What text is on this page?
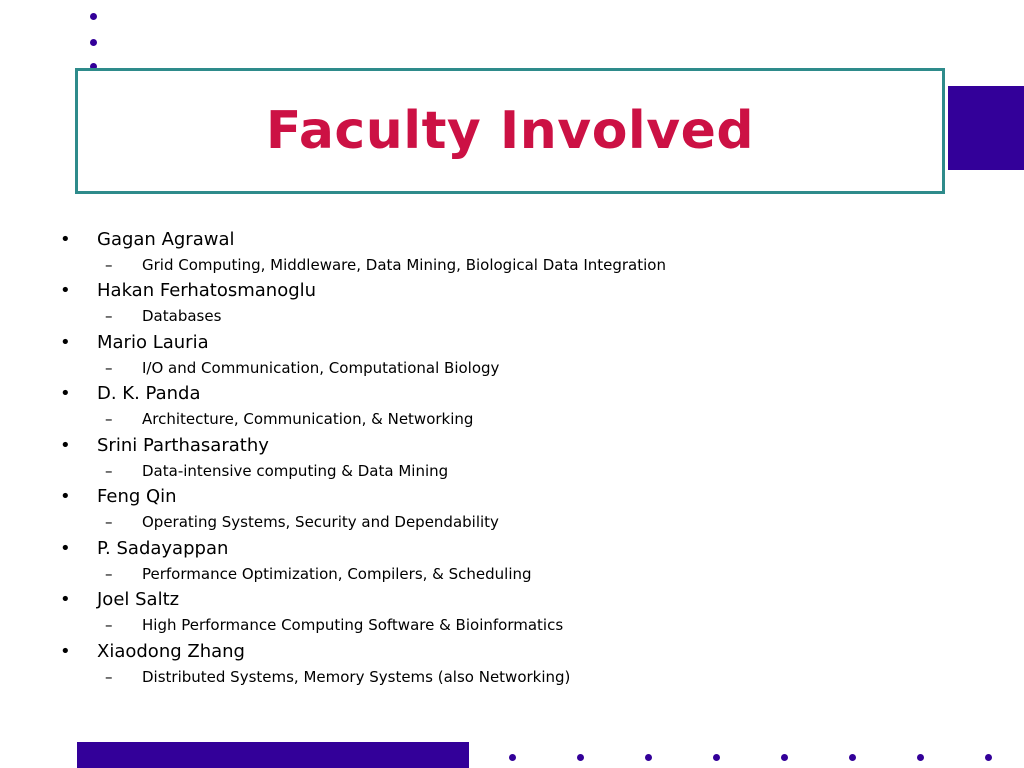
Faculty Involved
• Gagan Agrawal
– Grid Computing, Middleware, Data Mining, Biological Data Integration
• Hakan Ferhatosmanoglu
– Databases
• Mario Lauria
– I/O and Communication, Computational Biology
• D. K. Panda
– Architecture, Communication, & Networking
• Srini Parthasarathy
– Data-intensive computing & Data Mining
• Feng Qin
– Operating Systems, Security and Dependability
• P. Sadayappan
– Performance Optimization, Compilers, & Scheduling
• Joel Saltz
– High Performance Computing Software & Bioinformatics
• Xiaodong Zhang
– Distributed Systems, Memory Systems (also Networking)
